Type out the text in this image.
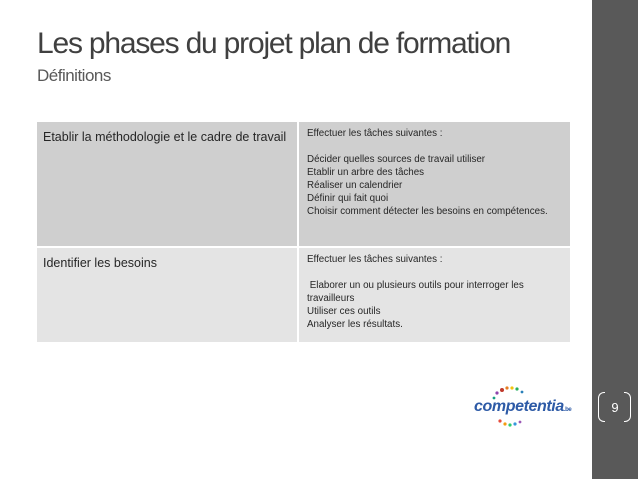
9
Les phases du projet plan de formation
Définitions
Etablir la méthodologie et le cadre de travail	Effectuer les tâches suivantes :
Décider quelles sources de travail utiliser
Etablir un arbre des tâches
Réaliser un calendrier
Définir qui fait quoi
Choisir comment détecter les besoins en compétences.
Identifier les besoins	Effectuer les tâches suivantes :
Elaborer un ou plusieurs outils pour interroger les travailleurs
Utiliser ces outils
Analyser les résultats.
competentia.be
